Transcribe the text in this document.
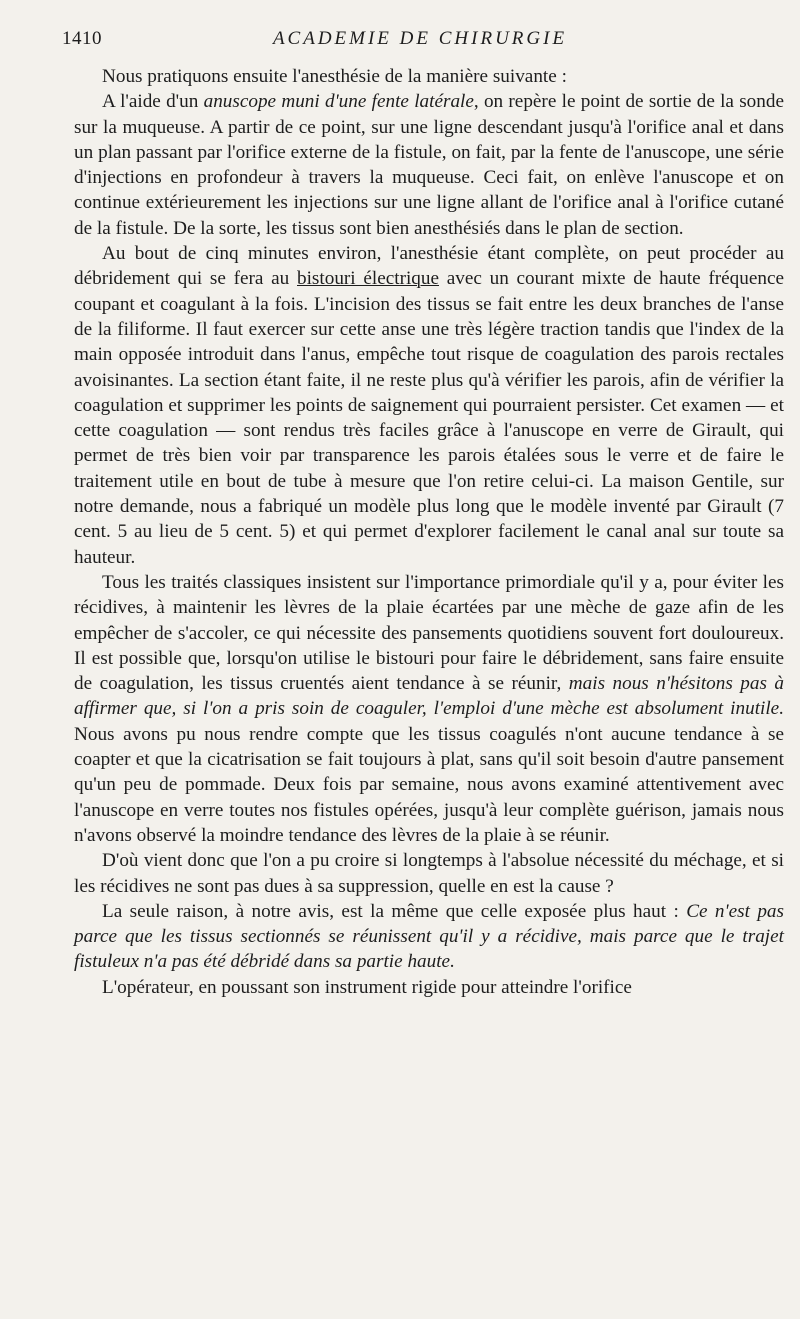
1410	ACADEMIE DE CHIRURGIE

Nous pratiquons ensuite l'anesthésie de la manière suivante :

A l'aide d'un anuscope muni d'une fente latérale, on repère le point de sortie de la sonde sur la muqueuse. A partir de ce point, sur une ligne descendant jusqu'à l'orifice anal et dans un plan passant par l'orifice externe de la fistule, on fait, par la fente de l'anuscope, une série d'injections en profondeur à travers la muqueuse. Ceci fait, on enlève l'anuscope et on continue extérieurement les injections sur une ligne allant de l'orifice anal à l'orifice cutané de la fistule. De la sorte, les tissus sont bien anesthésiés dans le plan de section.

Au bout de cinq minutes environ, l'anesthésie étant complète, on peut procéder au débridement qui se fera au bistouri électrique avec un courant mixte de haute fréquence coupant et coagulant à la fois. L'incision des tissus se fait entre les deux branches de l'anse de la filiforme. Il faut exercer sur cette anse une très légère traction tandis que l'index de la main opposée introduit dans l'anus, empêche tout risque de coagulation des parois rectales avoisinantes. La section étant faite, il ne reste plus qu'à vérifier les parois, afin de vérifier la coagulation et supprimer les points de saignement qui pourraient persister. Cet examen — et cette coagulation — sont rendus très faciles grâce à l'anuscope en verre de Girault, qui permet de très bien voir par transparence les parois étalées sous le verre et de faire le traitement utile en bout de tube à mesure que l'on retire celui-ci. La maison Gentile, sur notre demande, nous a fabriqué un modèle plus long que le modèle inventé par Girault (7 cent. 5 au lieu de 5 cent. 5) et qui permet d'explorer facilement le canal anal sur toute sa hauteur.

Tous les traités classiques insistent sur l'importance primordiale qu'il y a, pour éviter les récidives, à maintenir les lèvres de la plaie écartées par une mèche de gaze afin de les empêcher de s'accoler, ce qui nécessite des pansements quotidiens souvent fort douloureux. Il est possible que, lorsqu'on utilise le bistouri pour faire le débridement, sans faire ensuite de coagulation, les tissus cruentés aient tendance à se réunir, mais nous n'hésitons pas à affirmer que, si l'on a pris soin de coaguler, l'emploi d'une mèche est absolument inutile. Nous avons pu nous rendre compte que les tissus coagulés n'ont aucune tendance à se coapter et que la cicatrisation se fait toujours à plat, sans qu'il soit besoin d'autre pansement qu'un peu de pommade. Deux fois par semaine, nous avons examiné attentivement avec l'anuscope en verre toutes nos fistules opérées, jusqu'à leur complète guérison, jamais nous n'avons observé la moindre tendance des lèvres de la plaie à se réunir.

D'où vient donc que l'on a pu croire si longtemps à l'absolue nécessité du méchage, et si les récidives ne sont pas dues à sa suppression, quelle en est la cause ?

La seule raison, à notre avis, est la même que celle exposée plus haut : Ce n'est pas parce que les tissus sectionnés se réunissent qu'il y a récidive, mais parce que le trajet fistuleux n'a pas été débridé dans sa partie haute.

L'opérateur, en poussant son instrument rigide pour atteindre l'orifice
